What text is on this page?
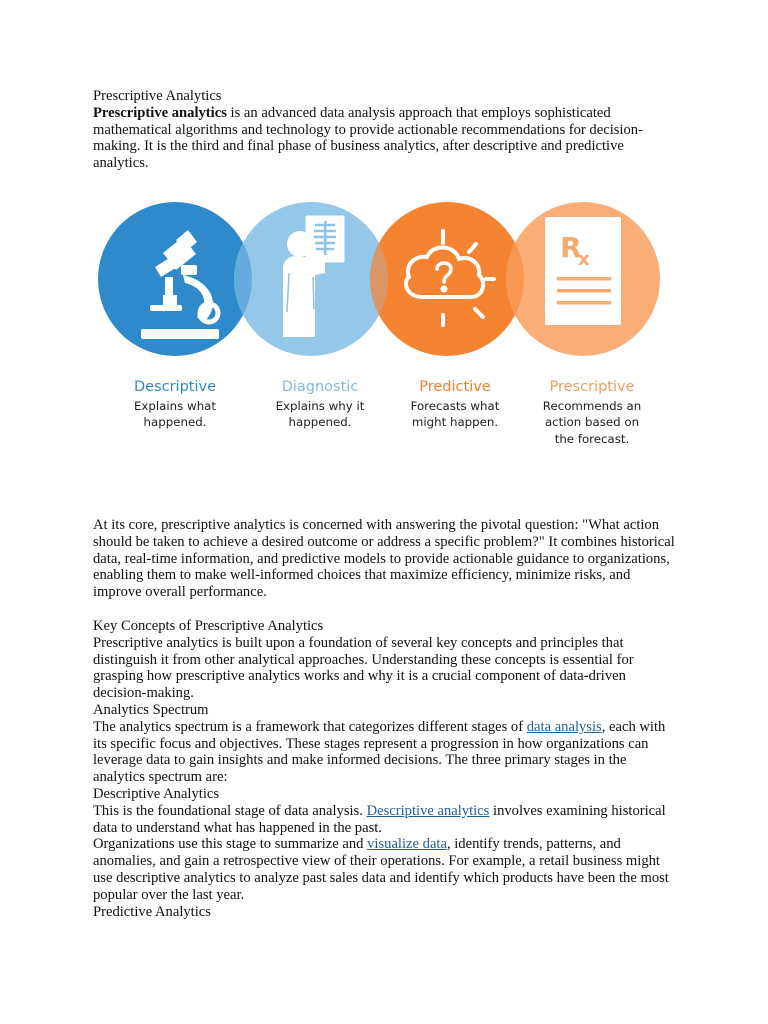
Prescriptive Analytics

Prescriptive analytics is an advanced data analysis approach that employs sophisticated mathematical algorithms and technology to provide actionable recommendations for decision-making. It is the third and final phase of business analytics, after descriptive and predictive analytics.

R
x
Descriptive
Explains what happened.
Diagnostic
Explains why it happened.
Predictive
Forecasts what might happen.
Prescriptive
Recommends an action based on the forecast.

At its core, prescriptive analytics is concerned with answering the pivotal question: "What action should be taken to achieve a desired outcome or address a specific problem?" It combines historical data, real-time information, and predictive models to provide actionable guidance to organizations, enabling them to make well-informed choices that maximize efficiency, minimize risks, and improve overall performance.

Key Concepts of Prescriptive Analytics

Prescriptive analytics is built upon a foundation of several key concepts and principles that distinguish it from other analytical approaches. Understanding these concepts is essential for grasping how prescriptive analytics works and why it is a crucial component of data-driven decision-making.

Analytics Spectrum

The analytics spectrum is a framework that categorizes different stages of data analysis, each with its specific focus and objectives. These stages represent a progression in how organizations can leverage data to gain insights and make informed decisions. The three primary stages in the analytics spectrum are:

Descriptive Analytics

This is the foundational stage of data analysis. Descriptive analytics involves examining historical data to understand what has happened in the past.

Organizations use this stage to summarize and visualize data, identify trends, patterns, and anomalies, and gain a retrospective view of their operations. For example, a retail business might use descriptive analytics to analyze past sales data and identify which products have been the most popular over the last year.

Predictive Analytics
